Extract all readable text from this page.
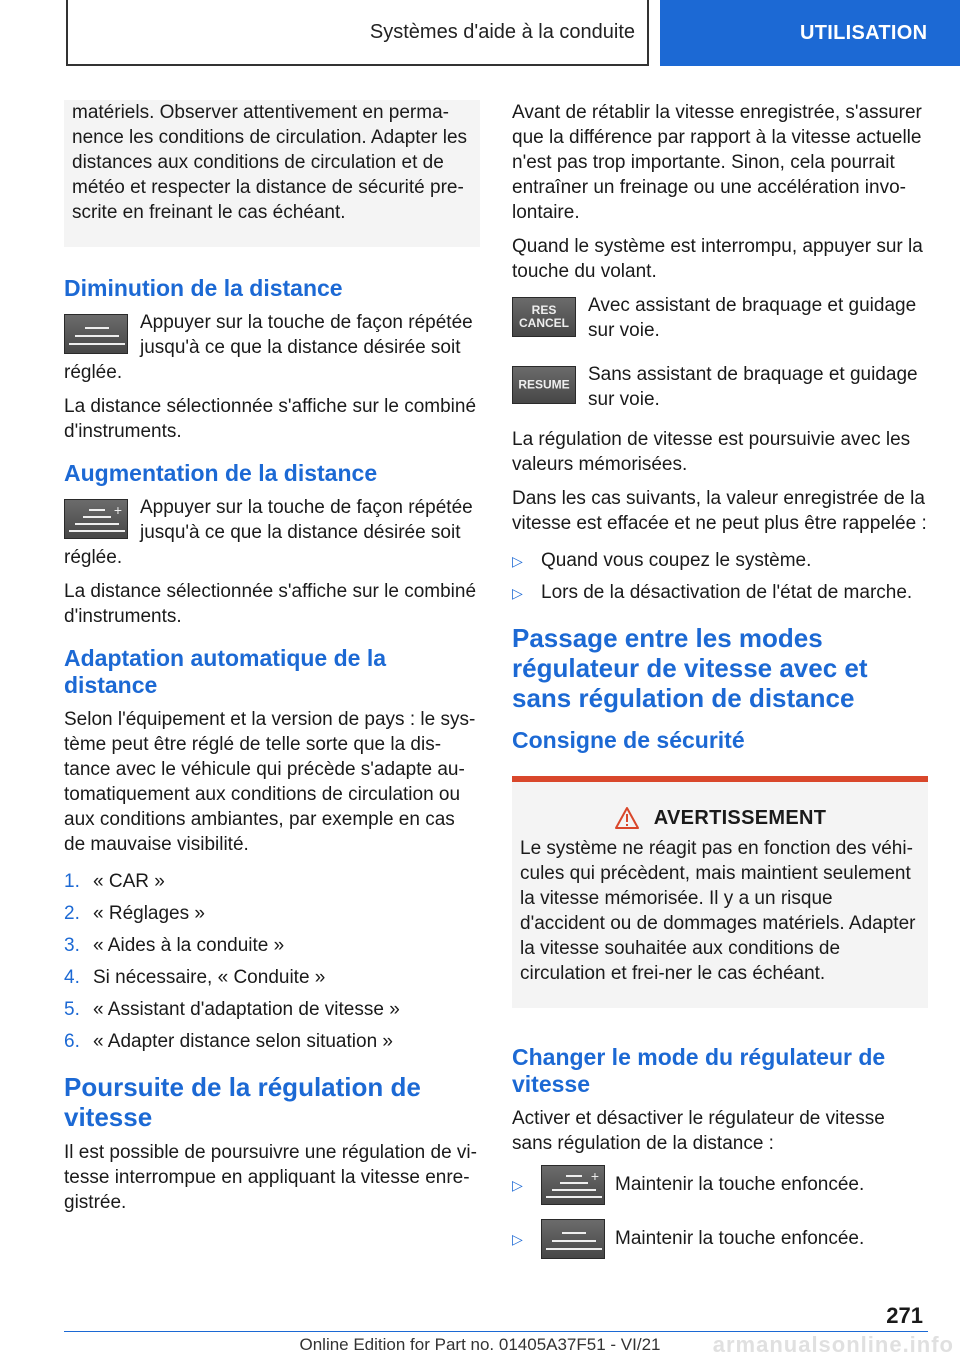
Systèmes d'aide à la conduite	UTILISATION

matériels. Observer attentivement en perma-nence les conditions de circulation. Adapter les distances aux conditions de circulation et de météo et respecter la distance de sécurité pre-scrite en freinant le cas échéant.

Diminution de la distance

Appuyer sur la touche de façon répétée jusqu'à ce que la distance désirée soit réglée.

La distance sélectionnée s'affiche sur le combiné d'instruments.

Augmentation de la distance
+ Appuyer sur la touche de façon répétée jusqu'à ce que la distance désirée soit réglée.

La distance sélectionnée s'affiche sur le combiné d'instruments.

Adaptation automatique de la distance

Selon l'équipement et la version de pays : le sys-tème peut être réglé de telle sorte que la dis-tance avec le véhicule qui précède s'adapte au-tomatiquement aux conditions de circulation ou aux conditions ambiantes, par exemple en cas de mauvaise visibilité.

1. « CAR »
2. « Réglages »
3. « Aides à la conduite »
4. Si nécessaire, « Conduite »
5. « Assistant d'adaptation de vitesse »
6. « Adapter distance selon situation »
Poursuite de la régulation de vitesse

Il est possible de poursuivre une régulation de vi-tesse interrompue en appliquant la vitesse enre-gistrée.

Avant de rétablir la vitesse enregistrée, s'assurer que la différence par rapport à la vitesse actuelle n'est pas trop importante. Sinon, cela pourrait entraîner un freinage ou une accélération invo-lontaire.

Quand le système est interrompu, appuyer sur la touche du volant.

RES CANCEL

Avec assistant de braquage et guidage sur voie.

RESUME Sans assistant de braquage et guidage sur voie.

La régulation de vitesse est poursuivie avec les valeurs mémorisées.

Dans les cas suivants, la valeur enregistrée de la vitesse est effacée et ne peut plus être rappelée :

▷ Quand vous coupez le système.
▷ Lors de la désactivation de l'état de marche.
Passage entre les modes régulateur de vitesse avec et sans régulation de distance
Consigne de sécurité
AVERTISSEMENT

Le système ne réagit pas en fonction des véhi-cules qui précèdent, mais maintient seulement la vitesse mémorisée. Il y a un risque d'accident ou de dommages matériels. Adapter la vitesse souhaitée aux conditions de circulation et frei-ner le cas échéant.

Changer le mode du régulateur de vitesse

Activer et désactiver le régulateur de vitesse sans régulation de la distance :

▷
+ Maintenir la touche enfoncée.
▷	Maintenir la touche enfoncée.
271
Online Edition for Part no. 01405A37F51 - VI/21	armanualsonline.info
